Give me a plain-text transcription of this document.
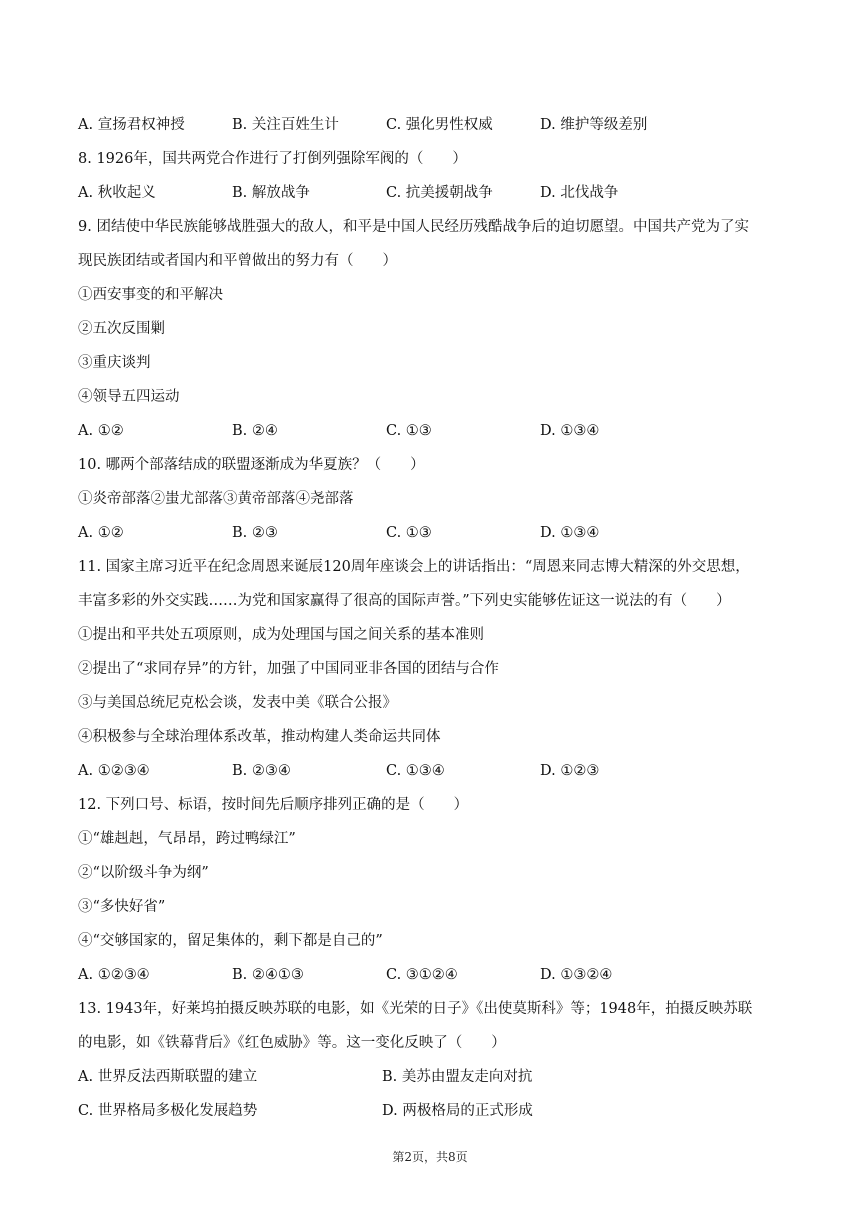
A. 宣扬君权神授	B. 关注百姓生计	C. 强化男性权威	D. 维护等级差别
8. 1926年，国共两党合作进行了打倒列强除军阀的（　　）
A. 秋收起义	B. 解放战争	C. 抗美援朝战争	D. 北伐战争
9. 团结使中华民族能够战胜强大的敌人，和平是中国人民经历残酷战争后的迫切愿望。中国共产党为了实
现民族团结或者国内和平曾做出的努力有（　　）
①西安事变的和平解决
②五次反围剿
③重庆谈判
④领导五四运动
A. ①②	B. ②④	C. ①③	D. ①③④
10. 哪两个部落结成的联盟逐渐成为华夏族？（　　）
①炎帝部落②蚩尤部落③黄帝部落④尧部落
A. ①②	B. ②③	C. ①③	D. ①③④
11. 国家主席习近平在纪念周恩来诞辰120周年座谈会上的讲话指出：“周恩来同志博大精深的外交思想，
丰富多彩的外交实践……为党和国家赢得了很高的国际声誉。”下列史实能够佐证这一说法的有（　　）
①提出和平共处五项原则，成为处理国与国之间关系的基本准则
②提出了“求同存异”的方针，加强了中国同亚非各国的团结与合作
③与美国总统尼克松会谈，发表中美《联合公报》
④积极参与全球治理体系改革，推动构建人类命运共同体
A. ①②③④	B. ②③④	C. ①③④	D. ①②③
12. 下列口号、标语，按时间先后顺序排列正确的是（　　）
①“雄赳赳，气昂昂，跨过鸭绿江”
②“以阶级斗争为纲”
③“多快好省”
④“交够国家的，留足集体的，剩下都是自己的”
A. ①②③④	B. ②④①③	C. ③①②④	D. ①③②④
13. 1943年，好莱坞拍摄反映苏联的电影，如《光荣的日子》《出使莫斯科》等；1948年，拍摄反映苏联
的电影，如《铁幕背后》《红色威胁》等。这一变化反映了（　　）
A. 世界反法西斯联盟的建立	B. 美苏由盟友走向对抗
C. 世界格局多极化发展趋势	D. 两极格局的正式形成
第2页，共8页
